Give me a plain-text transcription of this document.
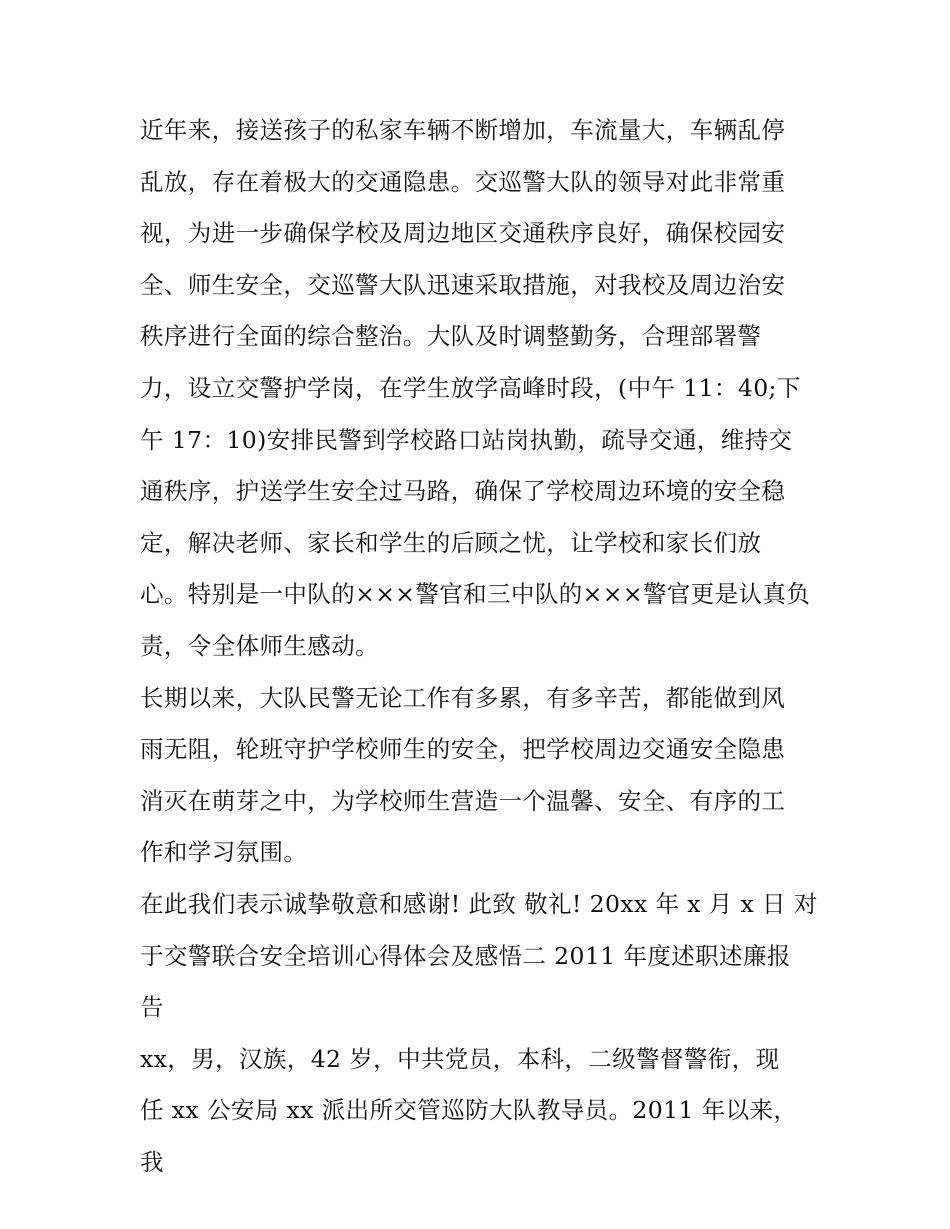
近年来，接送孩子的私家车辆不断增加，车流量大，车辆乱停
乱放，存在着极大的交通隐患。交巡警大队的领导对此非常重
视，为进一步确保学校及周边地区交通秩序良好，确保校园安
全、师生安全，交巡警大队迅速采取措施，对我校及周边治安
秩序进行全面的综合整治。大队及时调整勤务，合理部署警
力，设立交警护学岗，在学生放学高峰时段，(中午 11：40;下
午 17：10)安排民警到学校路口站岗执勤，疏导交通，维持交
通秩序，护送学生安全过马路，确保了学校周边环境的安全稳
定，解决老师、家长和学生的后顾之忧，让学校和家长们放
心。特别是一中队的×××警官和三中队的×××警官更是认真负
责，令全体师生感动。

长期以来，大队民警无论工作有多累，有多辛苦，都能做到风
雨无阻，轮班守护学校师生的安全，把学校周边交通安全隐患
消灭在萌芽之中，为学校师生营造一个温馨、安全、有序的工
作和学习氛围。

在此我们表示诚挚敬意和感谢! 此致 敬礼! 20xx 年 x 月 x 日 对
于交警联合安全培训心得体会及感悟二 2011 年度述职述廉报
告

xx，男，汉族，42 岁，中共党员，本科，二级警督警衔，现
任 xx 公安局 xx 派出所交管巡防大队教导员。2011 年以来，我
